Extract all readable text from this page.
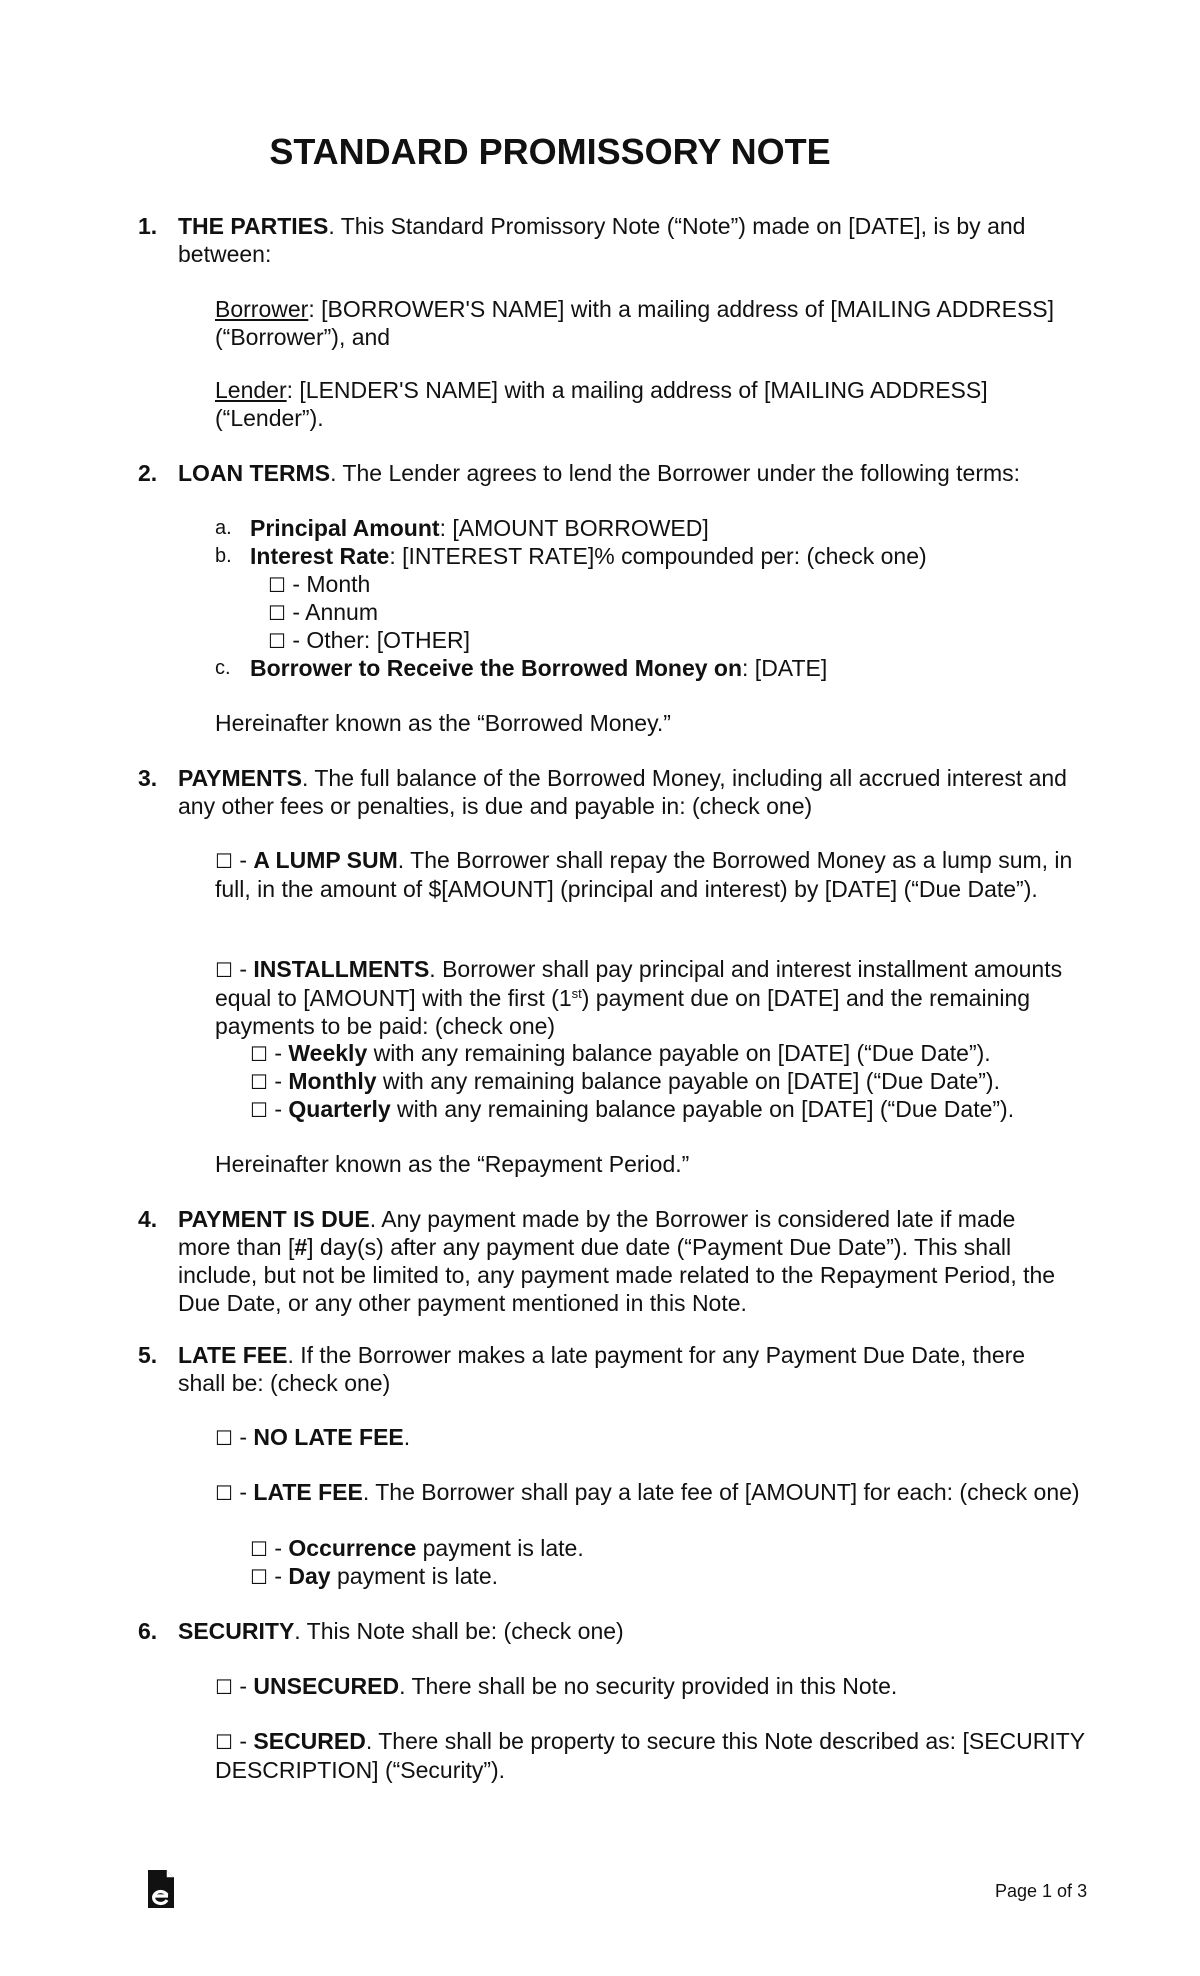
STANDARD PROMISSORY NOTE
1. THE PARTIES. This Standard Promissory Note (“Note”) made on [DATE], is by and between:
Borrower: [BORROWER'S NAME] with a mailing address of [MAILING ADDRESS] (“Borrower”), and
Lender: [LENDER'S NAME] with a mailing address of [MAILING ADDRESS] (“Lender”).
2. LOAN TERMS. The Lender agrees to lend the Borrower under the following terms:
a. Principal Amount: [AMOUNT BORROWED]
b. Interest Rate: [INTEREST RATE]% compounded per: (check one)
☐ - Month
☐ - Annum
☐ - Other: [OTHER]
c. Borrower to Receive the Borrowed Money on: [DATE]
Hereinafter known as the “Borrowed Money.”
3. PAYMENTS. The full balance of the Borrowed Money, including all accrued interest and any other fees or penalties, is due and payable in: (check one)
☐ - A LUMP SUM. The Borrower shall repay the Borrowed Money as a lump sum, in full, in the amount of $[AMOUNT] (principal and interest) by [DATE] (“Due Date”).
☐ - INSTALLMENTS. Borrower shall pay principal and interest installment amounts equal to [AMOUNT] with the first (1st) payment due on [DATE] and the remaining payments to be paid: (check one)
☐ - Weekly with any remaining balance payable on [DATE] (“Due Date”).
☐ - Monthly with any remaining balance payable on [DATE] (“Due Date”).
☐ - Quarterly with any remaining balance payable on [DATE] (“Due Date”).
Hereinafter known as the “Repayment Period.”
4. PAYMENT IS DUE. Any payment made by the Borrower is considered late if made more than [#] day(s) after any payment due date (“Payment Due Date”). This shall include, but not be limited to, any payment made related to the Repayment Period, the Due Date, or any other payment mentioned in this Note.
5. LATE FEE. If the Borrower makes a late payment for any Payment Due Date, there shall be: (check one)
☐ - NO LATE FEE.
☐ - LATE FEE. The Borrower shall pay a late fee of [AMOUNT] for each: (check one)
☐ - Occurrence payment is late.
☐ - Day payment is late.
6. SECURITY. This Note shall be: (check one)
☐ - UNSECURED. There shall be no security provided in this Note.
☐ - SECURED. There shall be property to secure this Note described as: [SECURITY DESCRIPTION] (“Security”).
Page 1 of 3
